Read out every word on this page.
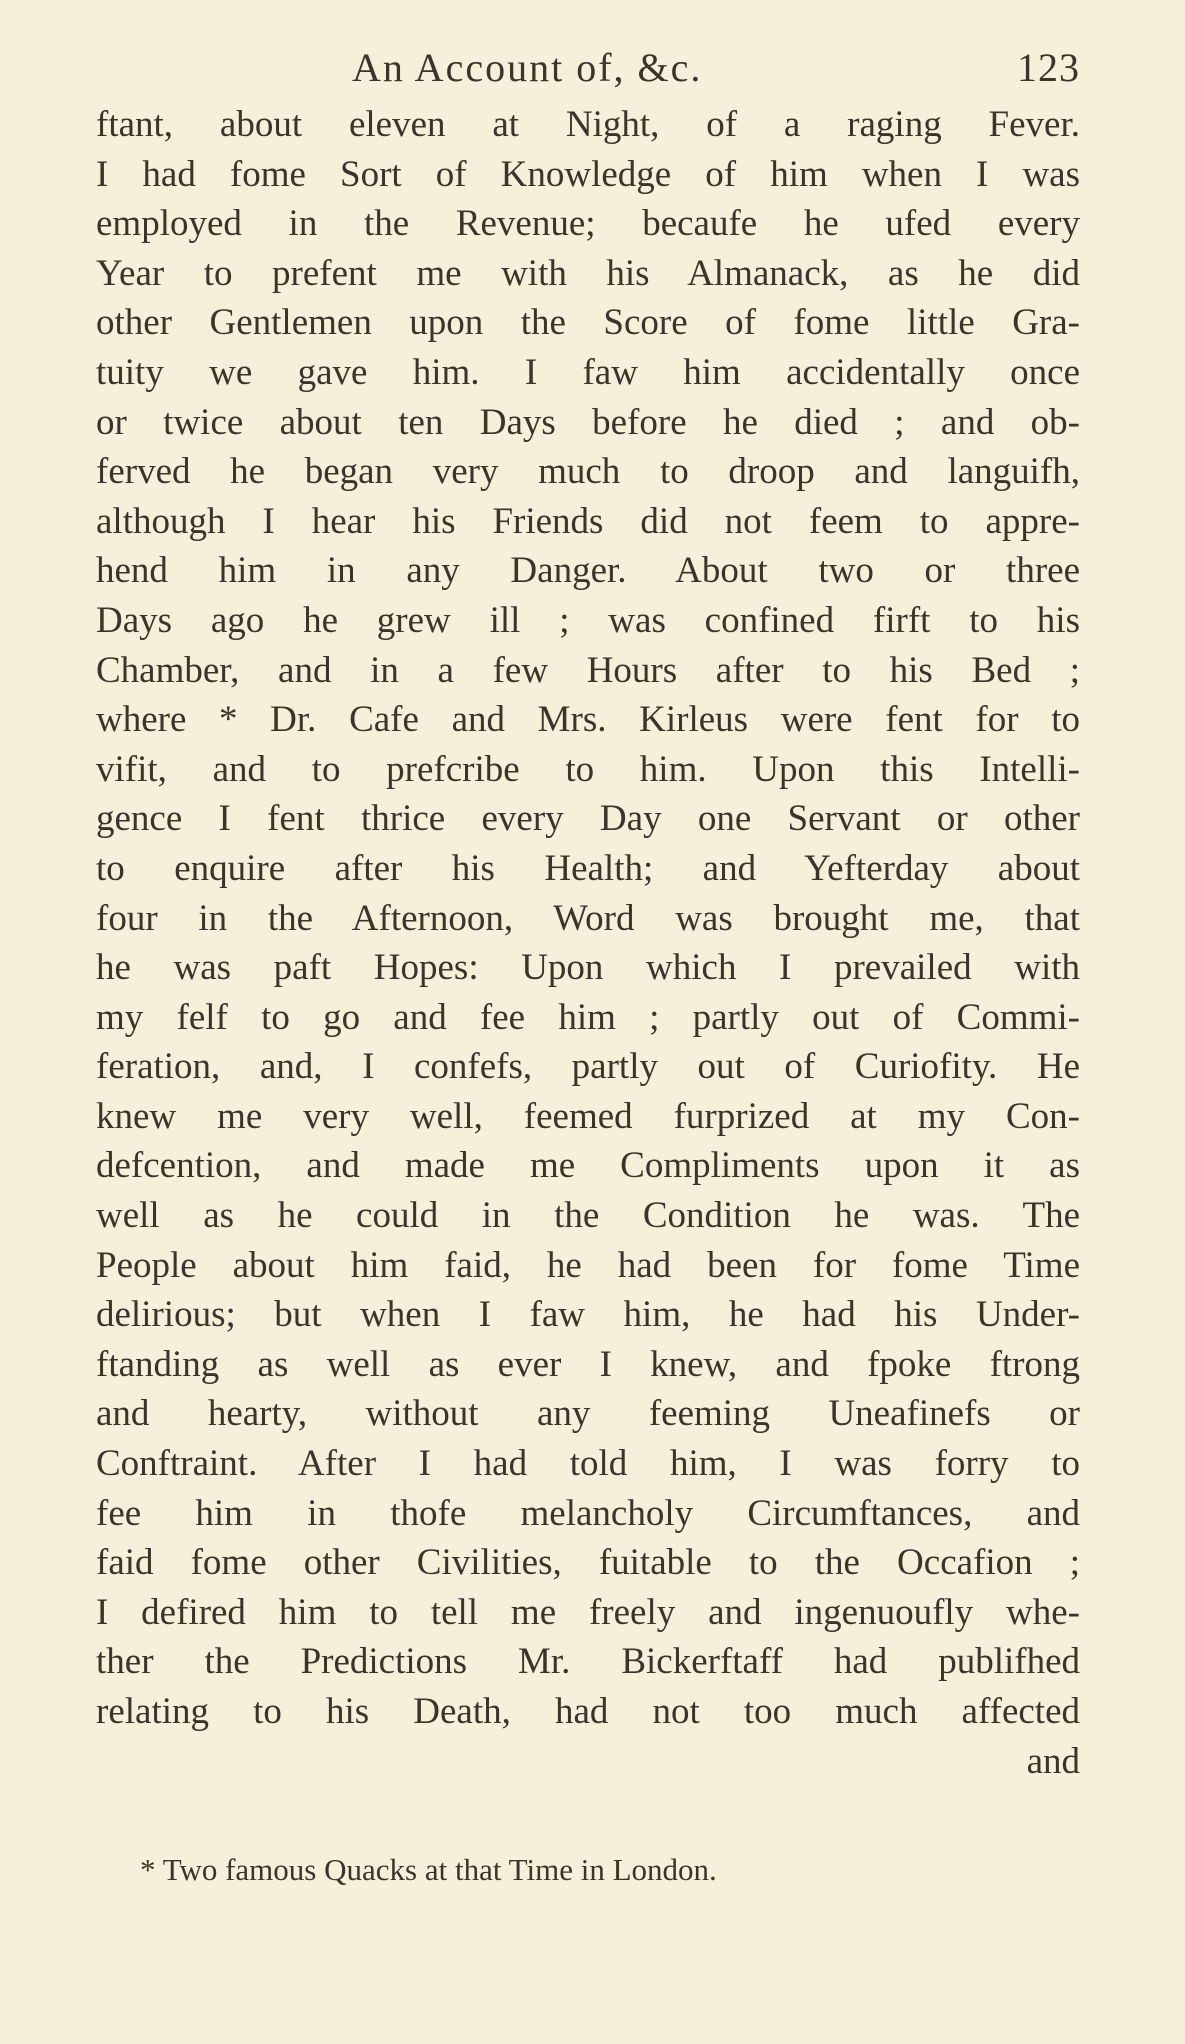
An Account of, &c.	123
ftant, about eleven at Night, of a raging Fever.
I had fome Sort of Knowledge of him when I was
employed in the Revenue; becaufe he ufed every
Year to prefent me with his Almanack, as he did
other Gentlemen upon the Score of fome little Gra-
tuity we gave him. I faw him accidentally once
or twice about ten Days before he died ; and ob-
ferved he began very much to droop and languifh,
although I hear his Friends did not feem to appre-
hend him in any Danger. About two or three
Days ago he grew ill ; was confined firft to his
Chamber, and in a few Hours after to his Bed ;
where * Dr. Cafe and Mrs. Kirleus were fent for to
vifit, and to prefcribe to him. Upon this Intelli-
gence I fent thrice every Day one Servant or other
to enquire after his Health; and Yefterday about
four in the Afternoon, Word was brought me, that
he was paft Hopes: Upon which I prevailed with
my felf to go and fee him ; partly out of Commi-
feration, and, I confefs, partly out of Curiofity. He
knew me very well, feemed furprized at my Con-
defcention, and made me Compliments upon it as
well as he could in the Condition he was. The
People about him faid, he had been for fome Time
delirious; but when I faw him, he had his Under-
ftanding as well as ever I knew, and fpoke ftrong
and hearty, without any feeming Uneafinefs or
Conftraint. After I had told him, I was forry to
fee him in thofe melancholy Circumftances, and
faid fome other Civilities, fuitable to the Occafion ;
I defired him to tell me freely and ingenuoufly whe-
ther the Predictions Mr. Bickerftaff had publifhed
relating to his Death, had not too much affected
and
* Two famous Quacks at that Time in London.
